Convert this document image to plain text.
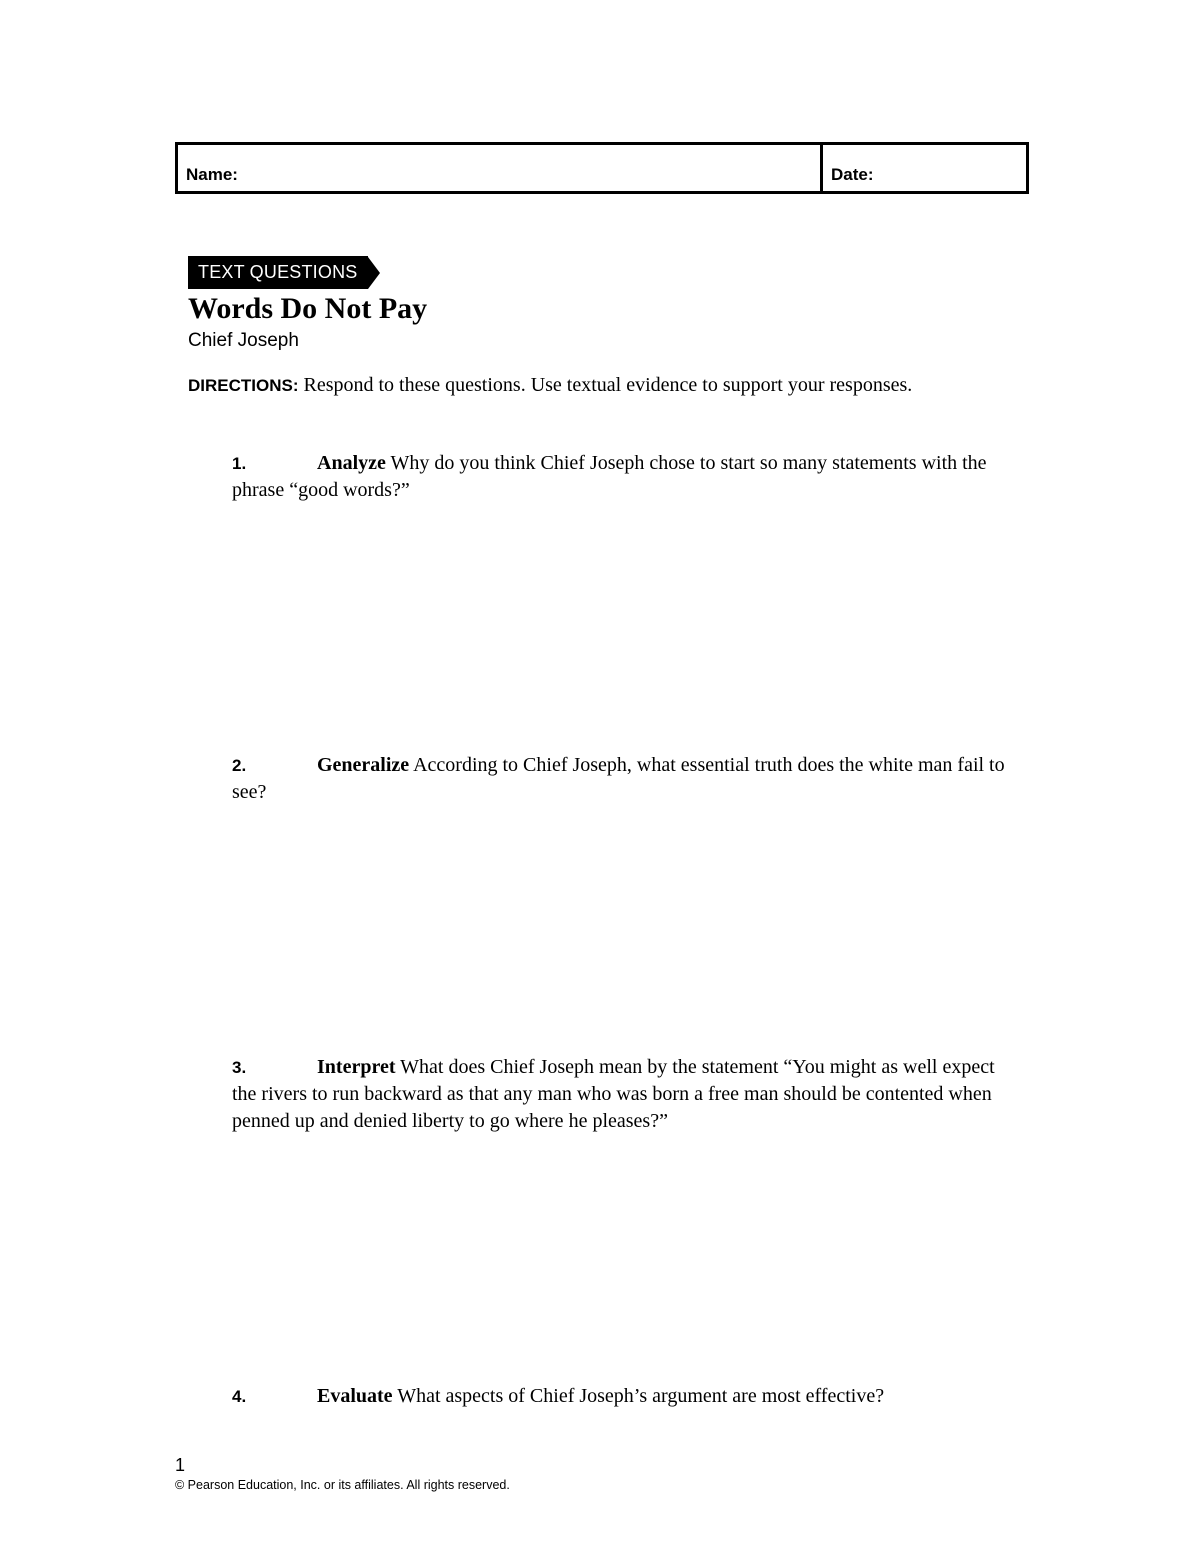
Name:	Date:
TEXT QUESTIONS
Words Do Not Pay
Chief Joseph
DIRECTIONS: Respond to these questions. Use textual evidence to support your responses.
1.	Analyze Why do you think Chief Joseph chose to start so many statements with the phrase “good words?”
2.	Generalize According to Chief Joseph, what essential truth does the white man fail to see?
3.	Interpret What does Chief Joseph mean by the statement “You might as well expect the rivers to run backward as that any man who was born a free man should be contented when penned up and denied liberty to go where he pleases?”
4.	Evaluate What aspects of Chief Joseph’s argument are most effective?
1
© Pearson Education, Inc. or its affiliates. All rights reserved.
